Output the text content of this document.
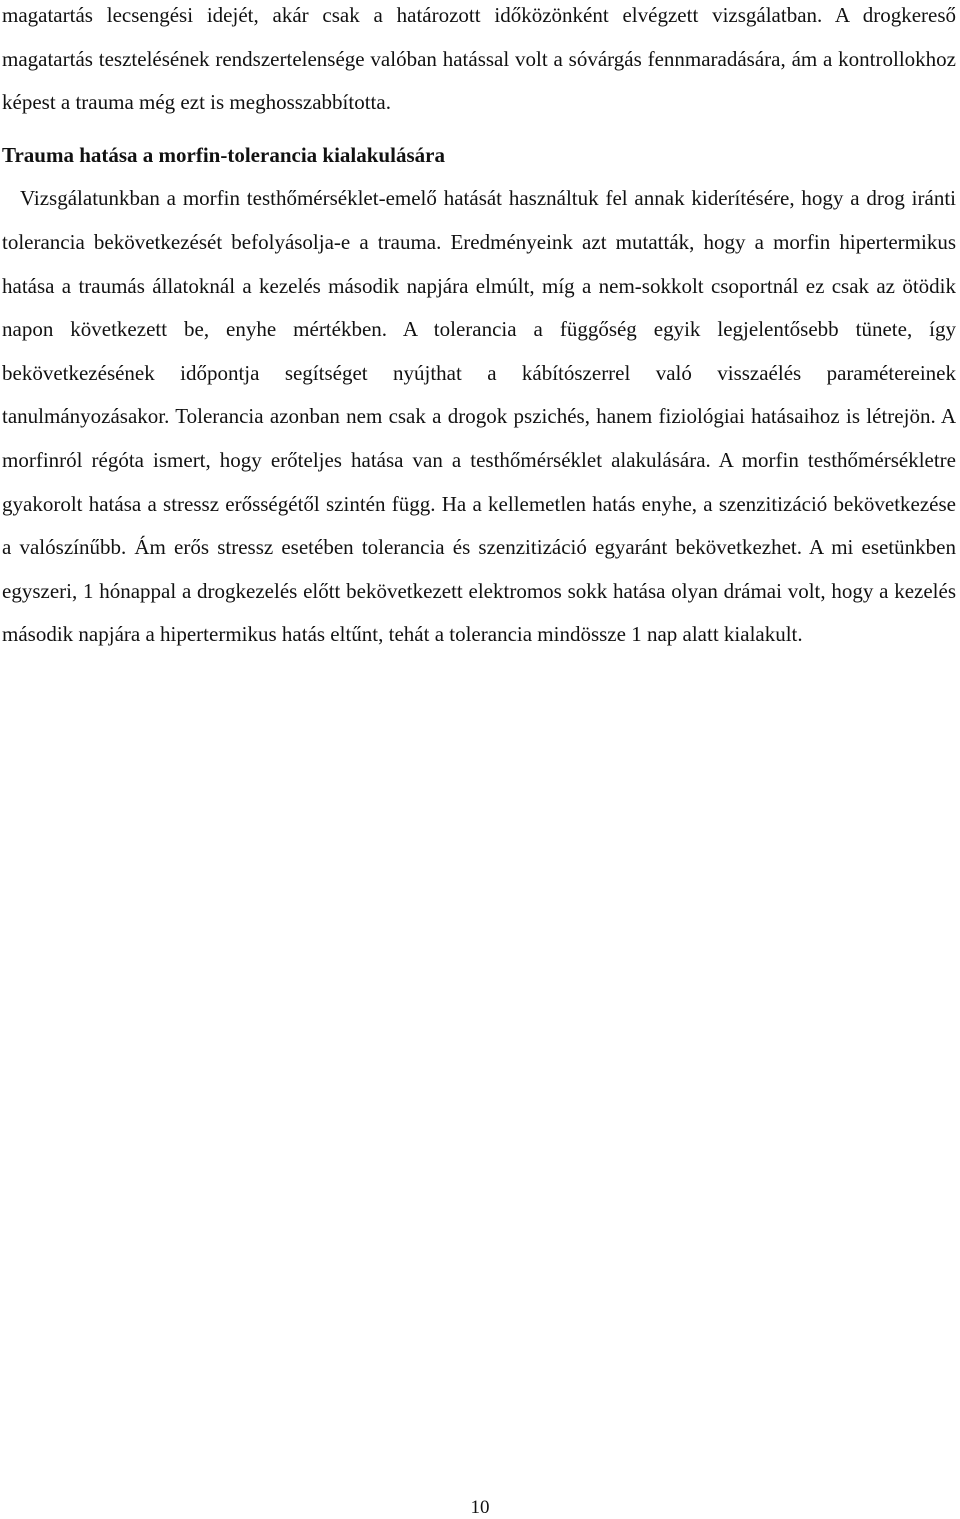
magatartás lecsengési idejét, akár csak a határozott időközönként elvégzett vizsgálatban. A drogkereső magatartás tesztelésének rendszertelensége valóban hatással volt a sóvárgás fennmaradására, ám a kontrollokhoz képest a trauma még ezt is meghosszabbította.

Trauma hatása a morfin-tolerancia kialakulására

Vizsgálatunkban a morfin testhőmérséklet-emelő hatását használtuk fel annak kiderítésére, hogy a drog iránti tolerancia bekövetkezését befolyásolja-e a trauma. Eredményeink azt mutatták, hogy a morfin hipertermikus hatása a traumás állatoknál a kezelés második napjára elmúlt, míg a nem-sokkolt csoportnál ez csak az ötödik napon következett be, enyhe mértékben. A tolerancia a függőség egyik legjelentősebb tünete, így bekövetkezésének időpontja segítséget nyújthat a kábítószerrel való visszaélés paramétereinek tanulmányozásakor. Tolerancia azonban nem csak a drogok pszichés, hanem fiziológiai hatásaihoz is létrejön. A morfinról régóta ismert, hogy erőteljes hatása van a testhőmérséklet alakulására. A morfin testhőmérsékletre gyakorolt hatása a stressz erősségétől szintén függ. Ha a kellemetlen hatás enyhe, a szenzitizáció bekövetkezése a valószínűbb. Ám erős stressz esetében tolerancia és szenzitizáció egyaránt bekövetkezhet. A mi esetünkben egyszeri, 1 hónappal a drogkezelés előtt bekövetkezett elektromos sokk hatása olyan drámai volt, hogy a kezelés második napjára a hipertermikus hatás eltűnt, tehát a tolerancia mindössze 1 nap alatt kialakult.

10
